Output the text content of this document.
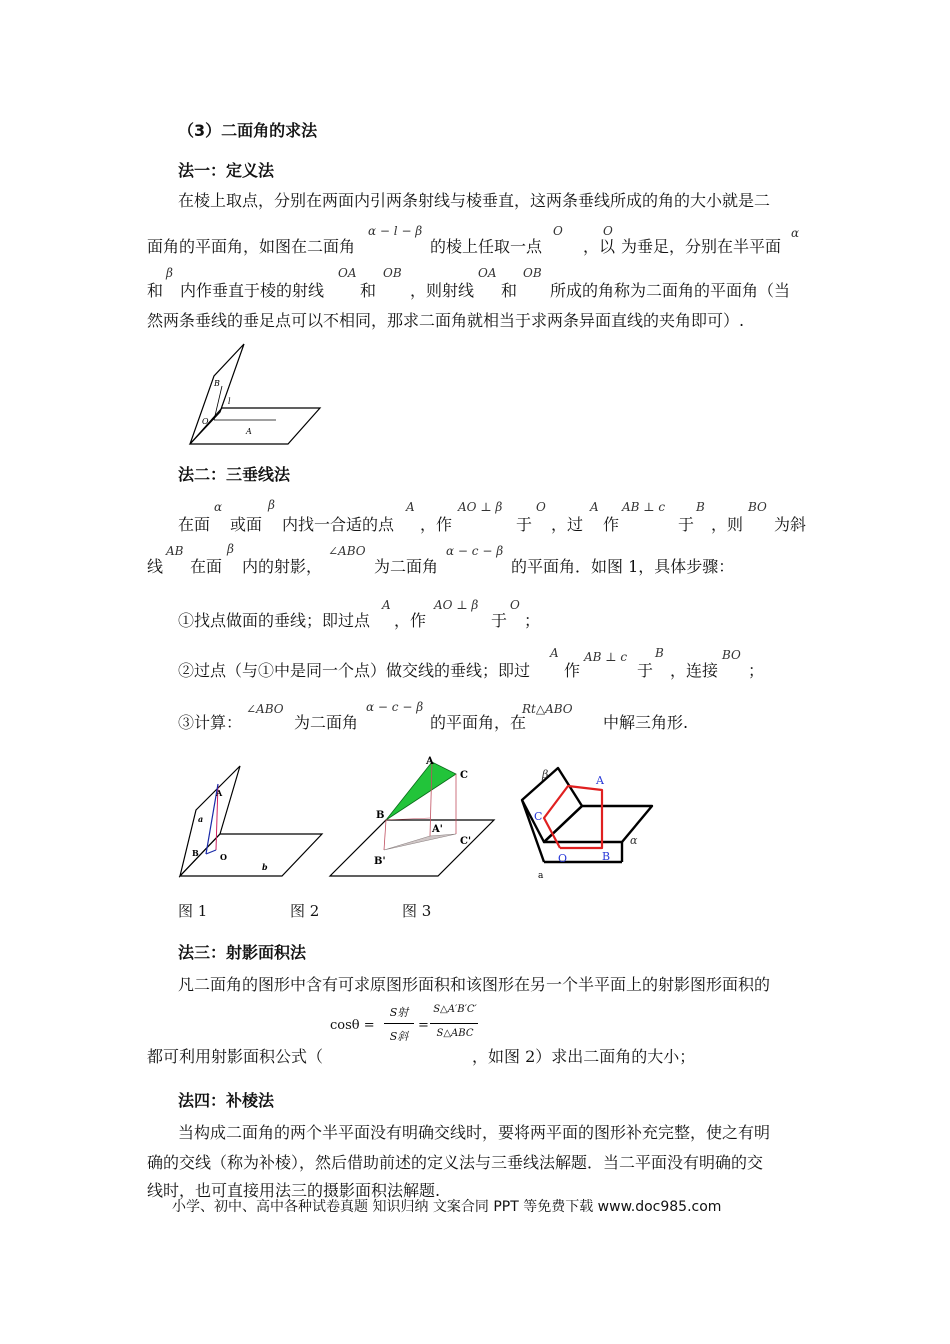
（3）二面角的求法
法一：定义法
在棱上取点，分别在两面内引两条射线与棱垂直，这两条垂线所成的角的大小就是二
面角的平面角，如图在二面角
α − l − β
的棱上任取一点
O
，以
O
为垂足，分别在半平面
α
和
β
内作垂直于棱的射线
OA
和
OB
，则射线
OA
和
OB
所成的角称为二面角的平面角（当
然两条垂线的垂足点可以不相同，那求二面角就相当于求两条异面直线的夹角即可）.
B
l
O
A
法二：三垂线法
在面
α
或面
β
内找一合适的点
A
，作
AO ⊥ β
于
O
，过
A
作
AB ⊥ c
于
B
，则
BO
为斜
线
AB
在面
β
内的射影，
∠ABO
为二面角
α − c − β
的平面角．如图 1，具体步骤：
①找点做面的垂线；即过点
A
，作
AO ⊥ β
于
O
；
②过点（与①中是同一个点）做交线的垂线；即过
A
作
AB ⊥ c
于
B
，连接
BO
；
③计算：
∠ABO
为二面角
α − c − β
的平面角，在
Rt△ABO
中解三角形.
A
a
B	O
b
A
C
B
A'
C'
B'
β	A
C
α
O	B
a
图 1	图 2	图 3
法三：射影面积法
凡二面角的图形中含有可求原图形面积和该图形在另一个半平面上的射影图形面积的
cosθ =
S射
S斜
=
S△A′B′C′
S△ABC
都可利用射影面积公式（	，如图 2）求出二面角的大小；
法四：补棱法
当构成二面角的两个半平面没有明确交线时，要将两平面的图形补充完整，使之有明
确的交线（称为补棱），然后借助前述的定义法与三垂线法解题．当二平面没有明确的交
线时，也可直接用法三的摄影面积法解题.
小学、初中、高中各种试卷真题 知识归纳 文案合同 PPT 等免费下载 www.doc985.com
